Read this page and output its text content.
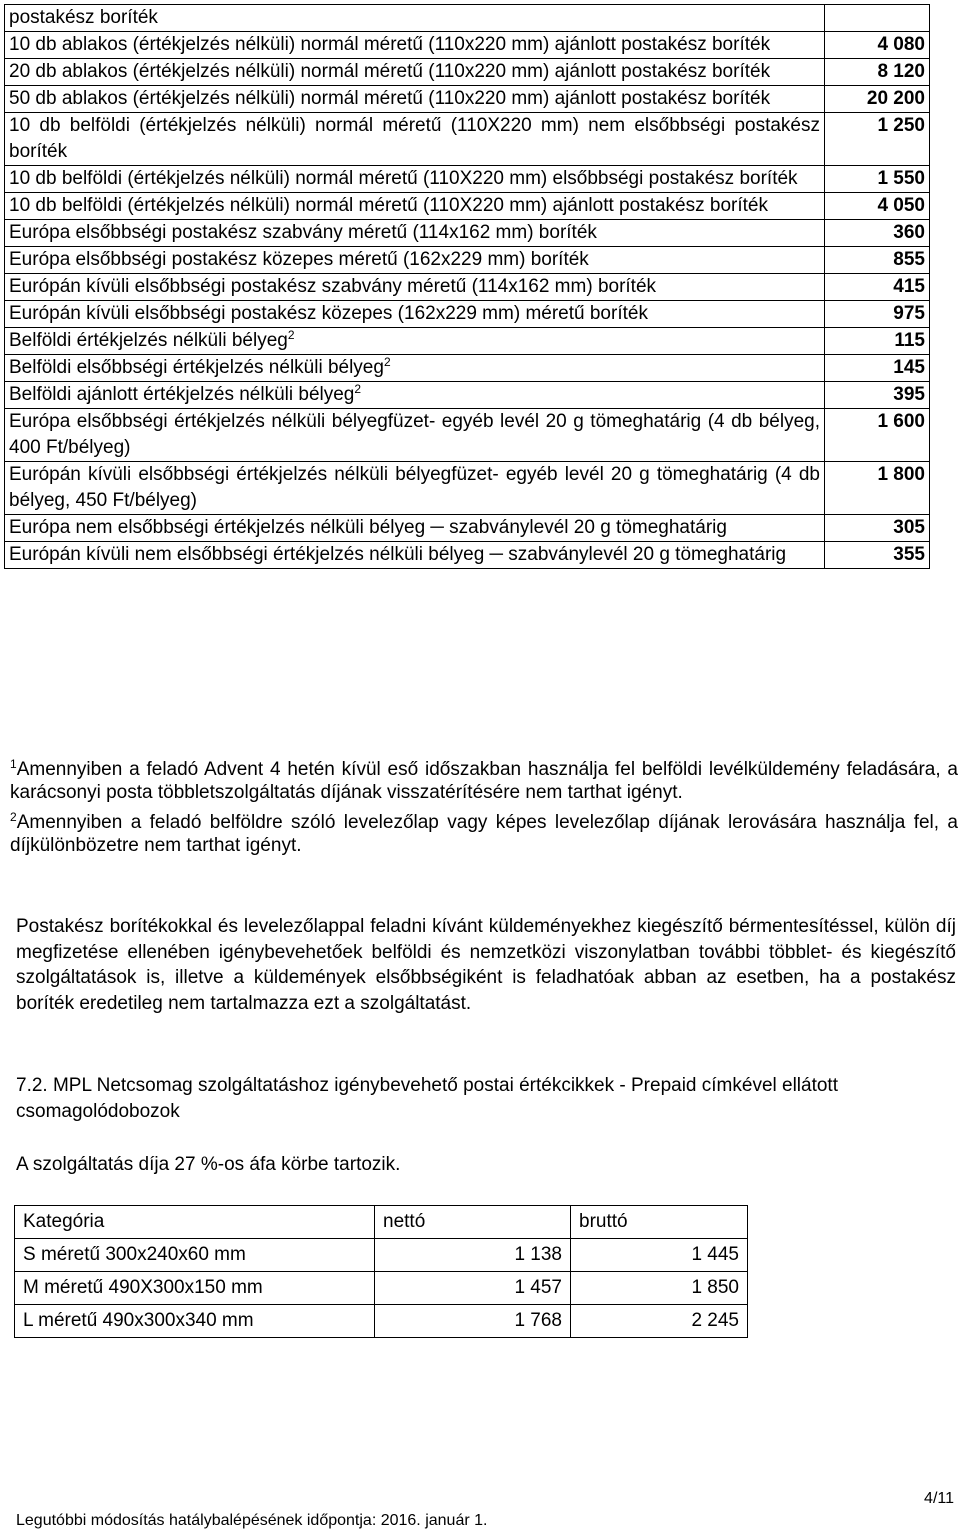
postakész boríték	
10 db ablakos (értékjelzés nélküli) normál méretű (110x220 mm) ajánlott postakész boríték	4 080
20 db ablakos (értékjelzés nélküli) normál méretű (110x220 mm) ajánlott postakész boríték	8 120
50 db ablakos (értékjelzés nélküli) normál méretű (110x220 mm) ajánlott postakész boríték	20 200
10 db belföldi (értékjelzés nélküli) normál méretű (110X220 mm) nem elsőbbségi postakész boríték	1 250
10 db belföldi (értékjelzés nélküli) normál méretű (110X220 mm) elsőbbségi postakész boríték	1 550
10 db belföldi (értékjelzés nélküli) normál méretű (110X220 mm) ajánlott postakész boríték	4 050
Európa elsőbbségi postakész szabvány méretű (114x162 mm) boríték	360
Európa elsőbbségi postakész közepes méretű (162x229 mm) boríték	855
Európán kívüli elsőbbségi postakész szabvány méretű (114x162 mm) boríték	415
Európán kívüli elsőbbségi postakész közepes (162x229 mm) méretű boríték	975
Belföldi értékjelzés nélküli bélyeg$^2$	115
Belföldi elsőbbségi értékjelzés nélküli bélyeg$^2$	145
Belföldi ajánlott értékjelzés nélküli bélyeg$^2$	395
Európa elsőbbségi értékjelzés nélküli bélyegfüzet- egyéb levél 20 g tömeghatárig (4 db bélyeg, 400 Ft/bélyeg)	1 600
Európán kívüli elsőbbségi értékjelzés nélküli bélyegfüzet- egyéb levél 20 g tömeghatárig (4 db bélyeg, 450 Ft/bélyeg)	1 800
Európa nem elsőbbségi értékjelzés nélküli bélyeg ─ szabványlevél 20 g tömeghatárig	305
Európán kívüli nem elsőbbségi értékjelzés nélküli bélyeg ─ szabványlevél 20 g tömeghatárig	355

$^1$Amennyiben a feladó Advent 4 hetén kívül eső időszakban használja fel belföldi levélküldemény feladására, a karácsonyi posta többletszolgáltatás díjának visszatérítésére nem tarthat igényt.

$^2$Amennyiben a feladó belföldre szóló levelezőlap vagy képes levelezőlap díjának lerovására használja fel, a díjkülönbözetre nem tarthat igényt.

Postakész borítékokkal és levelezőlappal feladni kívánt küldeményekhez kiegészítő bérmentesítéssel, külön díj megfizetése ellenében igénybevehetőek belföldi és nemzetközi viszonylatban további többlet- és kiegészítő szolgáltatások is, illetve a küldemények elsőbbségiként is feladhatóak abban az esetben, ha a postakész boríték eredetileg nem tartalmazza ezt a szolgáltatást.

7.2. MPL Netcsomag szolgáltatáshoz igénybevehető postai értékcikkek - Prepaid címkével ellátott csomagolódobozok

A szolgáltatás díja 27 %-os áfa körbe tartozik.

Kategória	nettó	bruttó
S méretű 300x240x60 mm	1 138	1 445
M méretű 490X300x150 mm	1 457	1 850
L méretű 490x300x340 mm	1 768	2 245
4/11
Legutóbbi módosítás hatálybalépésének időpontja: 2016. január 1.
